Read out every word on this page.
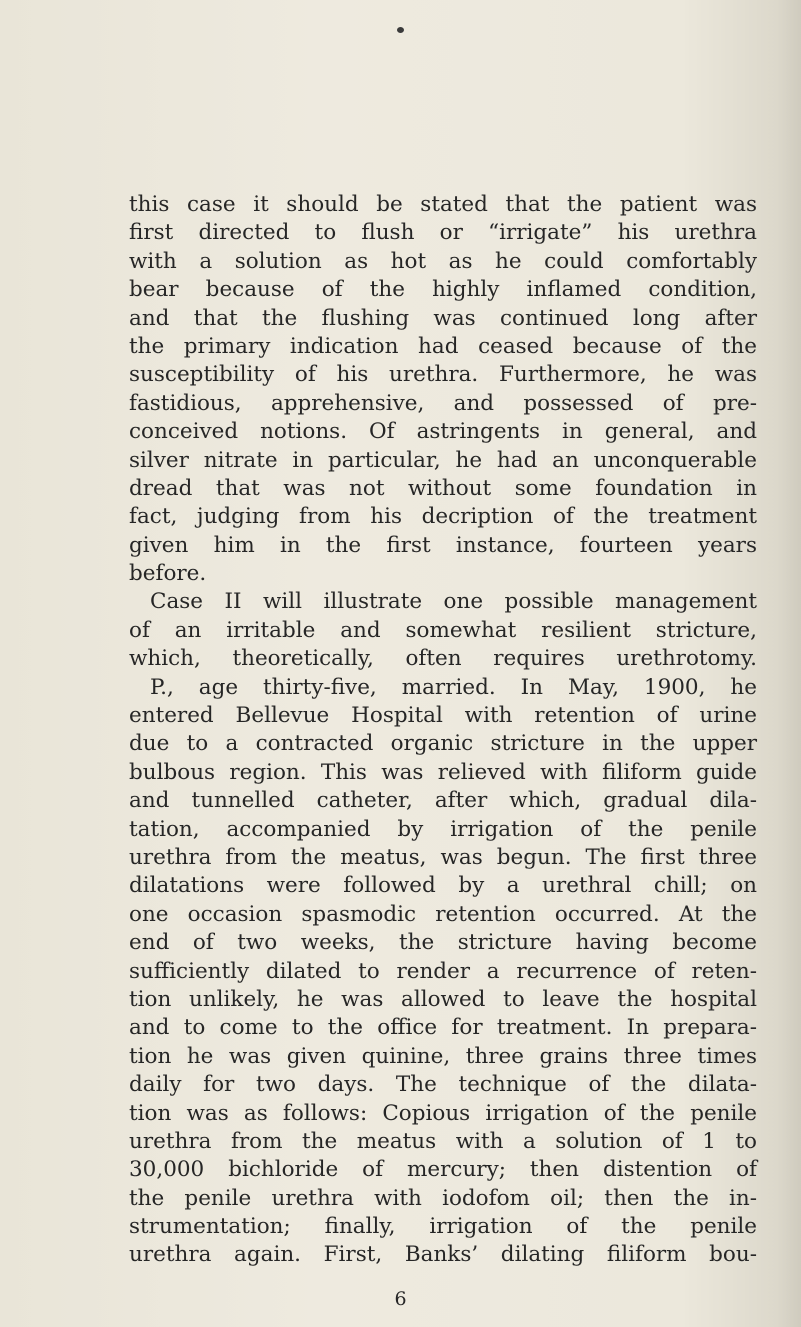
this case it should be stated that the patient was
first directed to flush or “irrigate” his urethra
with a solution as hot as he could comfortably
bear because of the highly inflamed condition,
and that the flushing was continued long after
the primary indication had ceased because of the
susceptibility of his urethra. Furthermore, he was
fastidious, apprehensive, and possessed of pre-
conceived notions. Of astringents in general, and
silver nitrate in particular, he had an unconquerable
dread that was not without some foundation in
fact, judging from his decription of the treatment
given him in the first instance, fourteen years
before.
Case II will illustrate one possible management
of an irritable and somewhat resilient stricture,
which, theoretically, often requires urethrotomy.
P., age thirty-five, married. In May, 1900, he
entered Bellevue Hospital with retention of urine
due to a contracted organic stricture in the upper
bulbous region. This was relieved with filiform guide
and tunnelled catheter, after which, gradual dila-
tation, accompanied by irrigation of the penile
urethra from the meatus, was begun. The first three
dilatations were followed by a urethral chill; on
one occasion spasmodic retention occurred. At the
end of two weeks, the stricture having become
sufficiently dilated to render a recurrence of reten-
tion unlikely, he was allowed to leave the hospital
and to come to the office for treatment. In prepara-
tion he was given quinine, three grains three times
daily for two days. The technique of the dilata-
tion was as follows: Copious irrigation of the penile
urethra from the meatus with a solution of 1 to
30,000 bichloride of mercury; then distention of
the penile urethra with iodofom oil; then the in-
strumentation; finally, irrigation of the penile
urethra again. First, Banks’ dilating filiform bou-
6
